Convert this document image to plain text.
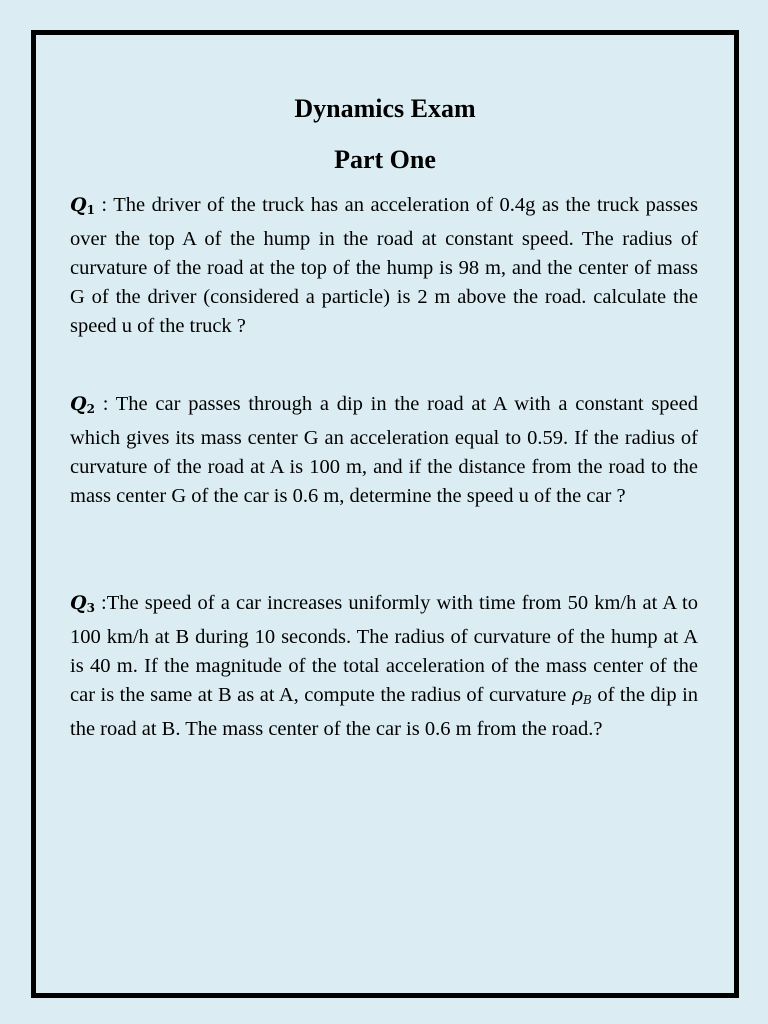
Dynamics Exam
Part One

$Q_1$ : The driver of the truck has an acceleration of 0.4g as the truck passes over the top A of the hump in the road at constant speed. The radius of curvature of the road at the top of the hump is 98 m, and the center of mass G of the driver (considered a particle) is 2 m above the road. calculate the speed u of the truck ?

$Q_2$ : The car passes through a dip in the road at A with a constant speed which gives its mass center G an acceleration equal to 0.59. If the radius of curvature of the road at A is 100 m, and if the distance from the road to the mass center G of the car is 0.6 m, determine the speed u of the car ?

$Q_3$ :The speed of a car increases uniformly with time from 50 km/h at A to 100 km/h at B during 10 seconds. The radius of curvature of the hump at A is 40 m. If the magnitude of the total acceleration of the mass center of the car is the same at B as at A, compute the radius of curvature $\rho_B$ of the dip in the road at B. The mass center of the car is 0.6 m from the road.?
